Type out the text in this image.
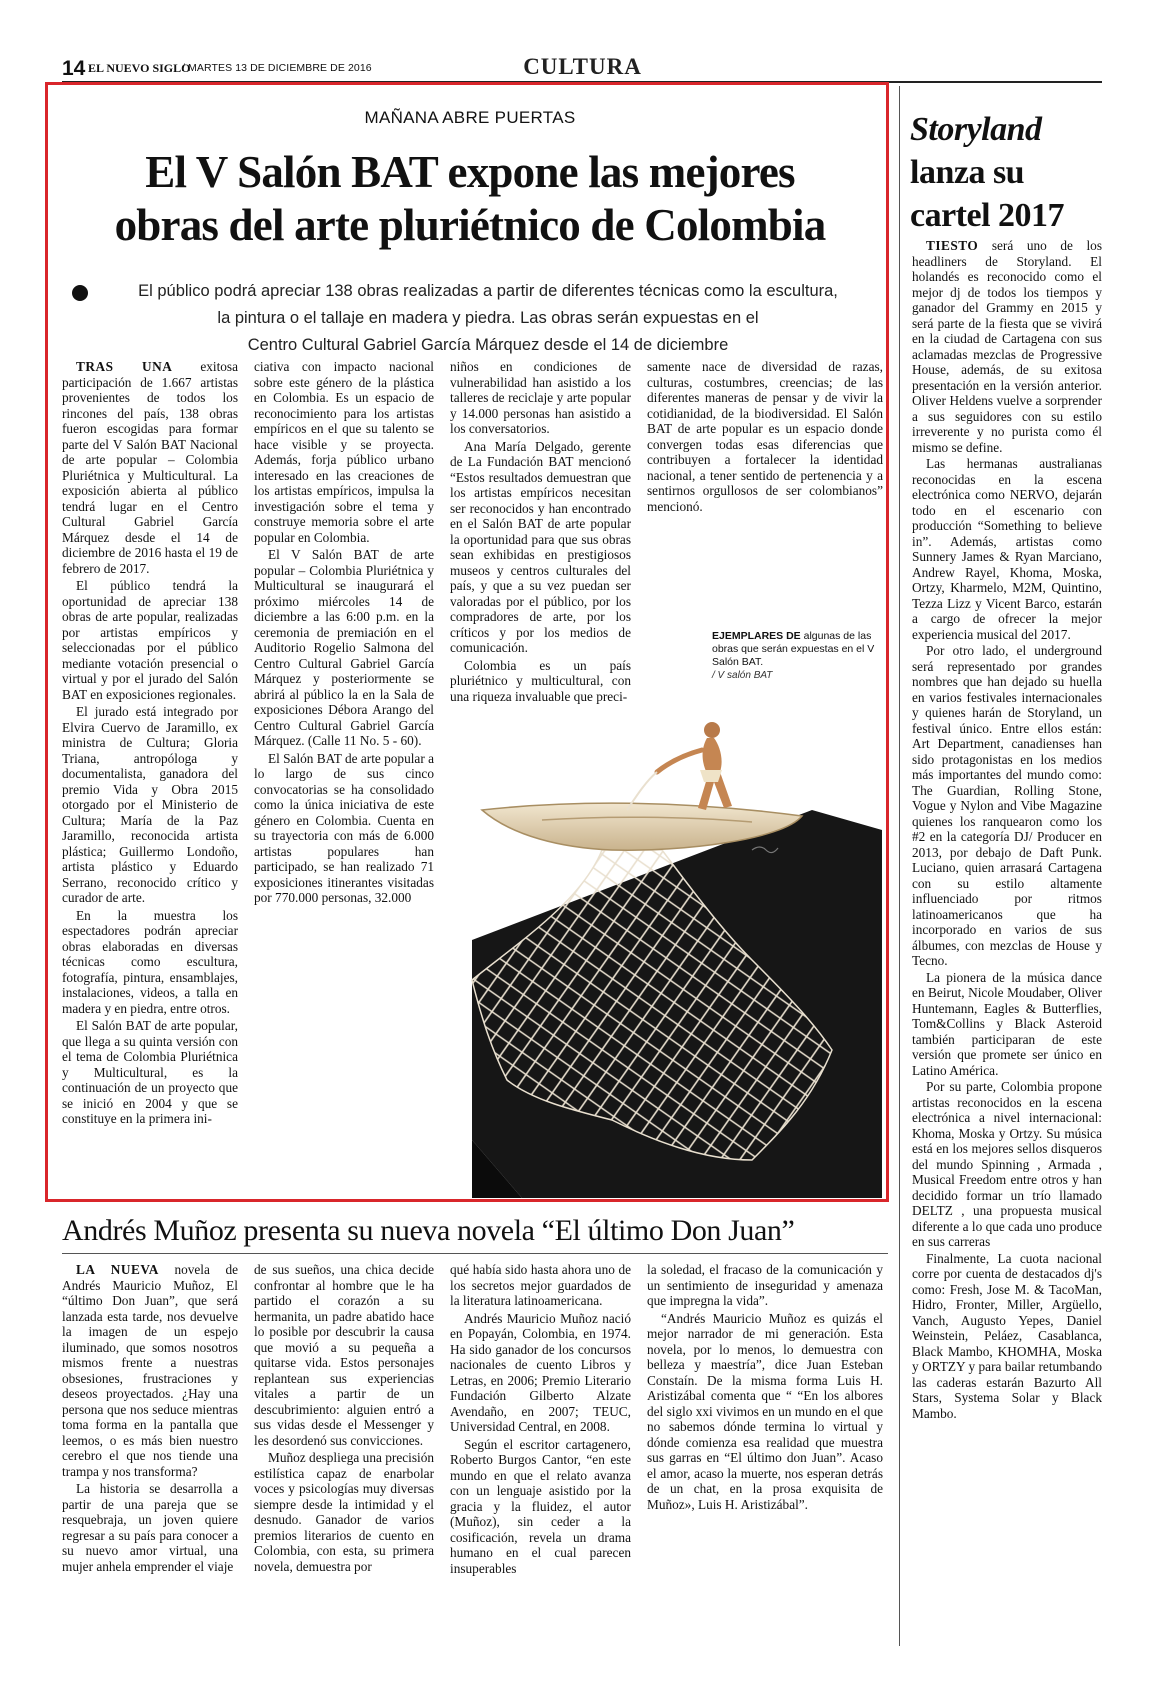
14 EL NUEVO SIGLO
/ MARTES 13 DE DICIEMBRE DE 2016	CULTURA
MAÑANA ABRE PUERTAS
El V Salón BAT expone las mejores
obras del arte pluriétnico de Colombia
El público podrá apreciar 138 obras realizadas a partir de diferentes técnicas como la escultura,
la pintura o el tallaje en madera y piedra. Las obras serán expuestas en el
Centro Cultural Gabriel García Márquez desde el 14 de diciembre

TRAS UNA exitosa participación de 1.667 artistas provenientes de todos los rincones del país, 138 obras fueron escogidas para formar parte del V Salón BAT Nacional de arte popular – Colombia Pluriétnica y Multicultural. La exposición abierta al público tendrá lugar en el Centro Cultural Gabriel García Márquez desde el 14 de diciembre de 2016 hasta el 19 de febrero de 2017.

El público tendrá la oportunidad de apreciar 138 obras de arte popular, realizadas por artistas empíricos y seleccionadas por el público mediante votación presencial o virtual y por el jurado del Salón BAT en exposiciones regionales.

El jurado está integrado por Elvira Cuervo de Jaramillo, ex ministra de Cultura; Gloria Triana, antropóloga y documentalista, ganadora del premio Vida y Obra 2015 otorgado por el Ministerio de Cultura; María de la Paz Jaramillo, reconocida artista plástica; Guillermo Londoño, artista plástico y Eduardo Serrano, reconocido crítico y curador de arte.

En la muestra los espectadores podrán apreciar obras elaboradas en diversas técnicas como escultura, fotografía, pintura, ensamblajes, instalaciones, videos, a talla en madera y en piedra, entre otros.

El Salón BAT de arte popular, que llega a su quinta versión con el tema de Colombia Pluriétnica y Multicultural, es la continuación de un proyecto que se inició en 2004 y que se constituye en la primera ini-

ciativa con impacto nacional sobre este género de la plástica en Colombia. Es un espacio de reconocimiento para los artistas empíricos en el que su talento se hace visible y se proyecta. Además, forja público urbano interesado en las creaciones de los artistas empíricos, impulsa la investigación sobre el tema y construye memoria sobre el arte popular en Colombia.

El V Salón BAT de arte popular – Colombia Pluriétnica y Multicultural se inaugurará el próximo miércoles 14 de diciembre a las 6:00 p.m. en la ceremonia de premiación en el Auditorio Rogelio Salmona del Centro Cultural Gabriel García Márquez y posteriormente se abrirá al público la en la Sala de exposiciones Débora Arango del Centro Cultural Gabriel García Márquez. (Calle 11 No. 5 - 60).

El Salón BAT de arte popular a lo largo de sus cinco convocatorias se ha consolidado como la única iniciativa de este género en Colombia. Cuenta en su trayectoria con más de 6.000 artistas populares han participado, se han realizado 71 exposiciones itinerantes visitadas por 770.000 personas, 32.000

niños en condiciones de vulnerabilidad han asistido a los talleres de reciclaje y arte popular y 14.000 personas han asistido a los conversatorios.

Ana María Delgado, gerente de La Fundación BAT mencionó “Estos resultados demuestran que los artistas empíricos necesitan ser reconocidos y han encontrado en el Salón BAT de arte popular la oportunidad para que sus obras sean exhibidas en prestigiosos museos y centros culturales del país, y que a su vez puedan ser valoradas por el público, por los compradores de arte, por los críticos y por los medios de comunicación.

Colombia es un país pluriétnico y multicultural, con una riqueza invaluable que preci-

samente nace de diversidad de razas, culturas, costumbres, creencias; de las diferentes maneras de pensar y de vivir la cotidianidad, de la biodiversidad. El Salón BAT de arte popular es un espacio donde convergen todas esas diferencias que contribuyen a fortalecer la identidad nacional, a tener sentido de pertenencia y a sentirnos orgullosos de ser colombianos” mencionó.

EJEMPLARES DE algunas de las obras que serán expuestas en el V Salón BAT.
/ V salón BAT
Storyland
lanza su
cartel 2017

TIESTO será uno de los headliners de Storyland. El holandés es reconocido como el mejor dj de todos los tiempos y ganador del Grammy en 2015 y será parte de la fiesta que se vivirá en la ciudad de Cartagena con sus aclamadas mezclas de Progressive House, además, de su exitosa presentación en la versión anterior. Oliver Heldens vuelve a sorprender a sus seguidores con su estilo irreverente y no purista como él mismo se define.

Las hermanas australianas reconocidas en la escena electrónica como NERVO, dejarán todo en el escenario con producción “Something to believe in”. Además, artistas como Sunnery James & Ryan Marciano, Andrew Rayel, Khoma, Moska, Ortzy, Kharmelo, M2M, Quintino, Tezza Lizz y Vicent Barco, estarán a cargo de ofrecer la mejor experiencia musical del 2017.

Por otro lado, el underground será representado por grandes nombres que han dejado su huella en varios festivales internacionales y quienes harán de Storyland, un festival único. Entre ellos están: Art Department, canadienses han sido protagonistas en los medios más importantes del mundo como: The Guardian, Rolling Stone, Vogue y Nylon and Vibe Magazine quienes los ranquearon como los #2 en la categoría DJ/ Producer en 2013, por debajo de Daft Punk. Luciano, quien arrasará Cartagena con su estilo altamente influenciado por ritmos latinoamericanos que ha incorporado en varios de sus álbumes, con mezclas de House y Tecno.

La pionera de la música dance en Beirut, Nicole Moudaber, Oliver Huntemann, Eagles & Butterflies, Tom&Collins y Black Asteroid también participaran de este versión que promete ser único en Latino América.

Por su parte, Colombia propone artistas reconocidos en la escena electrónica a nivel internacional: Khoma, Moska y Ortzy. Su música está en los mejores sellos disqueros del mundo Spinning , Armada , Musical Freedom entre otros y han decidido formar un trío llamado DELTZ , una propuesta musical diferente a lo que cada uno produce en sus carreras

Finalmente, La cuota nacional corre por cuenta de destacados dj's como: Fresh, Jose M. & TacoMan, Hidro, Fronter, Miller, Argüello, Vanch, Augusto Yepes, Daniel Weinstein, Peláez, Casablanca, Black Mambo, KHOMHA, Moska y ORTZY y para bailar retumbando las caderas estarán Bazurto All Stars, Systema Solar y Black Mambo.

Andrés Muñoz presenta su nueva novela “El último Don Juan”

LA NUEVA novela de Andrés Mauricio Muñoz, El “último Don Juan”, que será lanzada esta tarde, nos devuelve la imagen de un espejo iluminado, que somos nosotros mismos frente a nuestras obsesiones, frustraciones y deseos proyectados. ¿Hay una persona que nos seduce mientras toma forma en la pantalla que leemos, o es más bien nuestro cerebro el que nos tiende una trampa y nos transforma?

La historia se desarrolla a partir de una pareja que se resquebraja, un joven quiere regresar a su país para conocer a su nuevo amor virtual, una mujer anhela emprender el viaje

de sus sueños, una chica decide confrontar al hombre que le ha partido el corazón a su hermanita, un padre abatido hace lo posible por descubrir la causa que movió a su pequeña a quitarse vida. Estos personajes replantean sus experiencias vitales a partir de un descubrimiento: alguien entró a sus vidas desde el Messenger y les desordenó sus convicciones.

Muñoz despliega una precisión estilística capaz de enarbolar voces y psicologías muy diversas siempre desde la intimidad y el desnudo. Ganador de varios premios literarios de cuento en Colombia, con esta, su primera novela, demuestra por

qué había sido hasta ahora uno de los secretos mejor guardados de la literatura latinoamericana.

Andrés Mauricio Muñoz nació en Popayán, Colombia, en 1974. Ha sido ganador de los concursos nacionales de cuento Libros y Letras, en 2006; Premio Literario Fundación Gilberto Alzate Avendaño, en 2007; TEUC, Universidad Central, en 2008.

Según el escritor cartagenero, Roberto Burgos Cantor, “en este mundo en que el relato avanza con un lenguaje asistido por la gracia y la fluidez, el autor (Muñoz), sin ceder a la cosificación, revela un drama humano en el cual parecen insuperables

la soledad, el fracaso de la comunicación y un sentimiento de inseguridad y amenaza que impregna la vida”.

“Andrés Mauricio Muñoz es quizás el mejor narrador de mi generación. Esta novela, por lo menos, lo demuestra con belleza y maestría”, dice Juan Esteban Constaín. De la misma forma Luis H. Aristizábal comenta que “ “En los albores del siglo xxi vivimos en un mundo en el que no sabemos dónde termina lo virtual y dónde comienza esa realidad que muestra sus garras en “El último don Juan”. Acaso el amor, acaso la muerte, nos esperan detrás de un chat, en la prosa exquisita de Muñoz», Luis H. Aristizábal”.
